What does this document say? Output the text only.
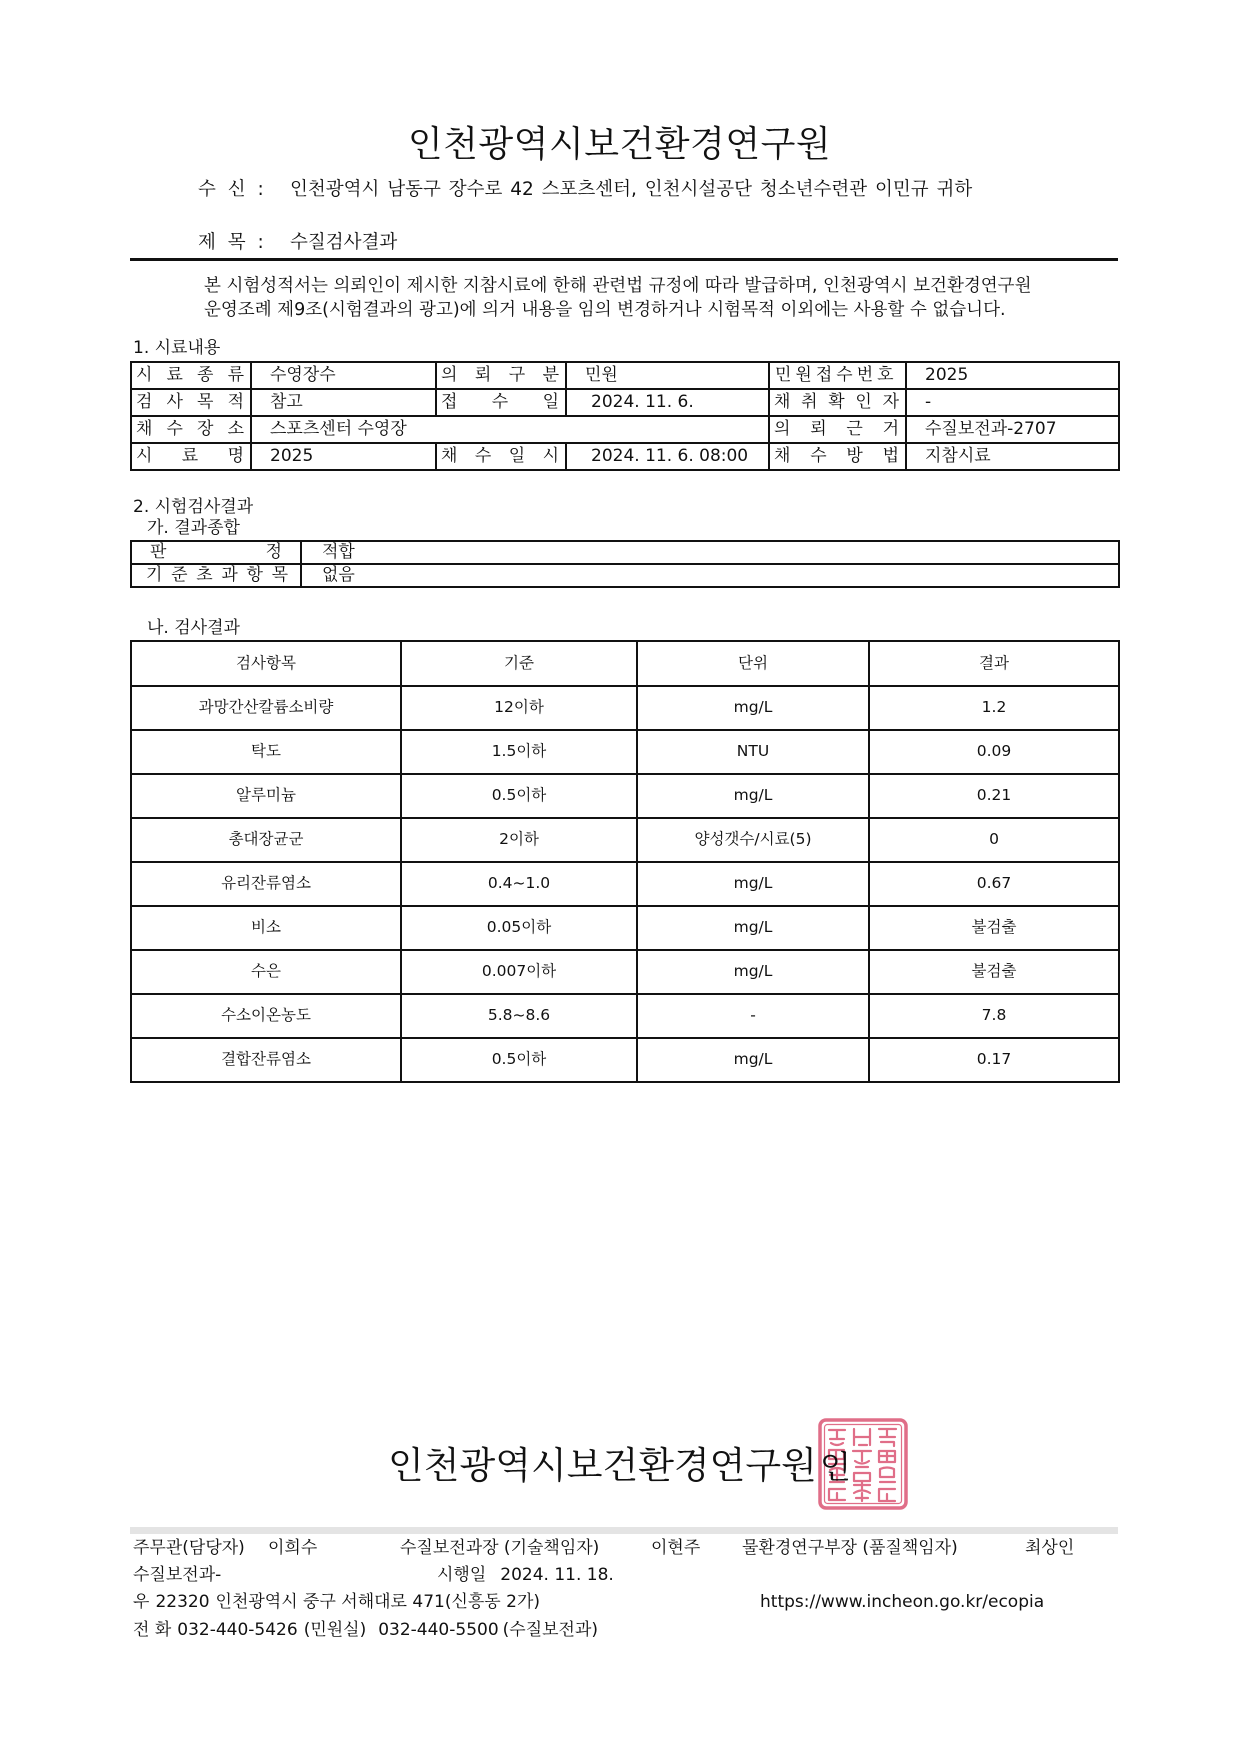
인천광역시보건환경연구원
수 신 : 인천광역시 남동구 장수로 42 스포츠센터, 인천시설공단 청소년수련관 이민규 귀하
제 목 : 수질검사결과
본 시험성적서는 의뢰인이 제시한 지참시료에 한해 관련법 규정에 따라 발급하며, 인천광역시 보건환경연구원
운영조례 제9조(시험결과의 광고)에 의거 내용을 임의 변경하거나 시험목적 이외에는 사용할 수 없습니다.
1. 시료내용
시 료 종 류	수영장수	의 뢰 구 분	민원	민원접수번호	2025
검 사 목 적	참고	접 수 일	2024. 11. 6.	채 취 확 인 자	-
채 수 장 소	스포츠센터 수영장			의 뢰 근 거	수질보전과-2707
시 료 명	2025	채 수 일 시	2024. 11. 6. 08:00	채 수 방 법	지참시료
2. 시험검사결과
가. 결과종합
판 정	적합
기 준 초 과 항 목	없음
나. 검사결과
검사항목	기준	단위	결과
과망간산칼륨소비량	12이하	mg/L	1.2
탁도	1.5이하	NTU	0.09
알루미늄	0.5이하	mg/L	0.21
총대장균군	2이하	양성갯수/시료(5)	0
유리잔류염소	0.4~1.0	mg/L	0.67
비소	0.05이하	mg/L	불검출
수은	0.007이하	mg/L	불검출
수소이온농도	5.8~8.6	-	7.8
결합잔류염소	0.5이하	mg/L	0.17
인천광역시보건환경연구원 인
주무관(담당자) 이희수	수질보전과장 (기술책임자)	이현주 물환경연구부장 (품질책임자)	최상인
수질보전과-	시행일 2024. 11. 18.
우 22320 인천광역시 중구 서해대로 471(신흥동 2가)	https://www.incheon.go.kr/ecopia
전 화 032-440-5426 (민원실) 032-440-5500 (수질보전과)
